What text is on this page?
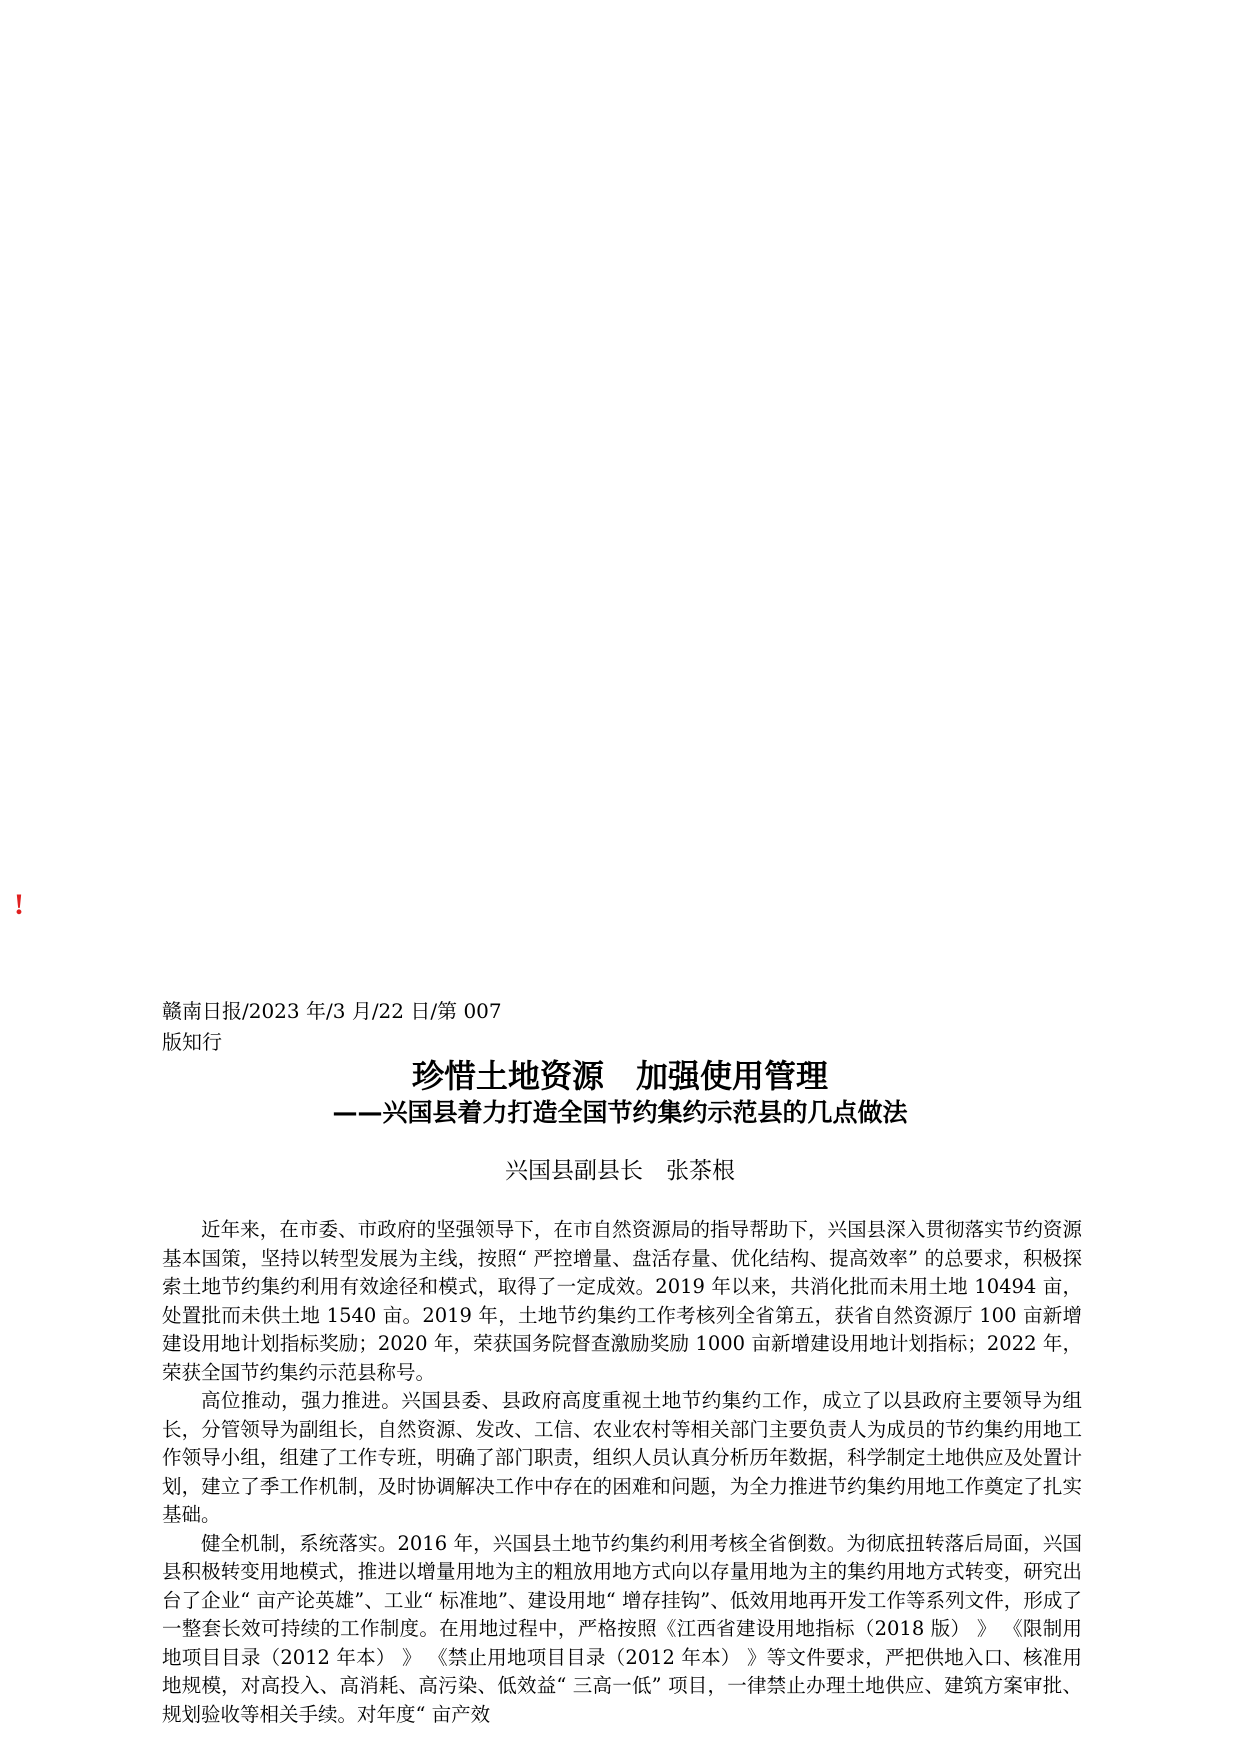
!
赣南日报/2023 年/3 月/22 日/第 007 版知行
珍惜土地资源　加强使用管理
——兴国县着力打造全国节约集约示范县的几点做法
兴国县副县长　张茶根

近年来，在市委、市政府的坚强领导下，在市自然资源局的指导帮助下，兴国县深入贯彻落实节约资源基本国策，坚持以转型发展为主线，按照“ 严控增量、盘活存量、优化结构、提高效率” 的总要求，积极探索土地节约集约利用有效途径和模式，取得了一定成效。2019 年以来，共消化批而未用土地 10494 亩，处置批而未供土地 1540 亩。2019 年，土地节约集约工作考核列全省第五，获省自然资源厅 100 亩新增建设用地计划指标奖励；2020 年，荣获国务院督查激励奖励 1000 亩新增建设用地计划指标；2022 年，荣获全国节约集约示范县称号。

高位推动，强力推进。兴国县委、县政府高度重视土地节约集约工作，成立了以县政府主要领导为组长，分管领导为副组长，自然资源、发改、工信、农业农村等相关部门主要负责人为成员的节约集约用地工作领导小组，组建了工作专班，明确了部门职责，组织人员认真分析历年数据，科学制定土地供应及处置计划，建立了季工作机制，及时协调解决工作中存在的困难和问题，为全力推进节约集约用地工作奠定了扎实基础。

健全机制，系统落实。2016 年，兴国县土地节约集约利用考核全省倒数。为彻底扭转落后局面，兴国县积极转变用地模式，推进以增量用地为主的粗放用地方式向以存量用地为主的集约用地方式转变，研究出台了企业“ 亩产论英雄”、工业“ 标准地”、建设用地“ 增存挂钩”、低效用地再开发工作等系列文件，形成了一整套长效可持续的工作制度。在用地过程中，严格按照《江西省建设用地指标（2018 版） 》 《限制用地项目目录（2012 年本） 》 《禁止用地项目目录（2012 年本） 》等文件要求，严把供地入口、核准用地规模，对高投入、高消耗、高污染、低效益“ 三高一低” 项目，一律禁止办理土地供应、建筑方案审批、规划验收等相关手续。对年度“ 亩产效
